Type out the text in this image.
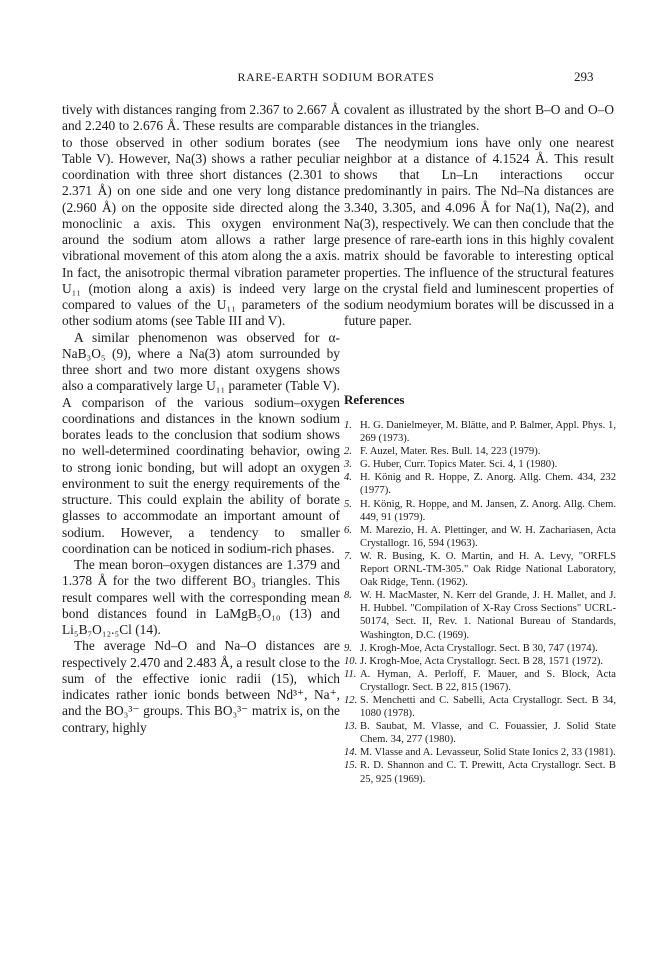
RARE-EARTH SODIUM BORATES	293

tively with distances ranging from 2.367 to 2.667 Å and 2.240 to 2.676 Å. These results are comparable to those observed in other sodium borates (see Table V). However, Na(3) shows a rather peculiar coordination with three short distances (2.301 to 2.371 Å) on one side and one very long distance (2.960 Å) on the opposite side directed along the monoclinic a axis. This oxygen environment around the sodium atom allows a rather large vibrational movement of this atom along the a axis. In fact, the anisotropic thermal vibration parameter U₁₁ (motion along a axis) is indeed very large compared to values of the U₁₁ parameters of the other sodium atoms (see Table III and V).

A similar phenomenon was observed for α-NaB₃O₅ (9), where a Na(3) atom surrounded by three short and two more distant oxygens shows also a comparatively large U₁₁ parameter (Table V). A comparison of the various sodium–oxygen coordinations and distances in the known sodium borates leads to the conclusion that sodium shows no well-determined coordinating behavior, owing to strong ionic bonding, but will adopt an oxygen environment to suit the energy requirements of the structure. This could explain the ability of borate glasses to accommodate an important amount of sodium. However, a tendency to smaller coordination can be noticed in sodium-rich phases.

The mean boron–oxygen distances are 1.379 and 1.378 Å for the two different BO₃ triangles. This result compares well with the corresponding mean bond distances found in LaMgB₅O₁₀ (13) and Li₅B₇O₁₂.₅Cl (14).

The average Nd–O and Na–O distances are respectively 2.470 and 2.483 Å, a result close to the sum of the effective ionic radii (15), which indicates rather ionic bonds between Nd³⁺, Na⁺, and the BO₃³⁻ groups. This BO₃³⁻ matrix is, on the contrary, highly

covalent as illustrated by the short B–O and O–O distances in the triangles.

The neodymium ions have only one nearest neighbor at a distance of 4.1524 Å. This result shows that Ln–Ln interactions occur predominantly in pairs. The Nd–Na distances are 3.340, 3.305, and 4.096 Å for Na(1), Na(2), and Na(3), respectively. We can then conclude that the presence of rare-earth ions in this highly covalent matrix should be favorable to interesting optical properties. The influence of the structural features on the crystal field and luminescent properties of sodium neodymium borates will be discussed in a future paper.

References
1. H. G. Danielmeyer, M. Blätte, and P. Balmer, Appl. Phys. 1, 269 (1973).
2. F. Auzel, Mater. Res. Bull. 14, 223 (1979).
3. G. Huber, Curr. Topics Mater. Sci. 4, 1 (1980).
4. H. König and R. Hoppe, Z. Anorg. Allg. Chem. 434, 232 (1977).
5. H. König, R. Hoppe, and M. Jansen, Z. Anorg. Allg. Chem. 449, 91 (1979).
6. M. Marezio, H. A. Plettinger, and W. H. Zachariasen, Acta Crystallogr. 16, 594 (1963).
7. W. R. Busing, K. O. Martin, and H. A. Levy, "ORFLS Report ORNL-TM-305." Oak Ridge National Laboratory, Oak Ridge, Tenn. (1962).
8. W. H. MacMaster, N. Kerr del Grande, J. H. Mallet, and J. H. Hubbel. "Compilation of X-Ray Cross Sections" UCRL-50174, Sect. II, Rev. 1. National Bureau of Standards, Washington, D.C. (1969).
9. J. Krogh-Moe, Acta Crystallogr. Sect. B 30, 747 (1974).
10. J. Krogh-Moe, Acta Crystallogr. Sect. B 28, 1571 (1972).
11. A. Hyman, A. Perloff, F. Mauer, and S. Block, Acta Crystallogr. Sect. B 22, 815 (1967).
12. S. Menchetti and C. Sabelli, Acta Crystallogr. Sect. B 34, 1080 (1978).
13. B. Saubat, M. Vlasse, and C. Fouassier, J. Solid State Chem. 34, 277 (1980).
14. M. Vlasse and A. Levasseur, Solid State Ionics 2, 33 (1981).
15. R. D. Shannon and C. T. Prewitt, Acta Crystallogr. Sect. B 25, 925 (1969).
